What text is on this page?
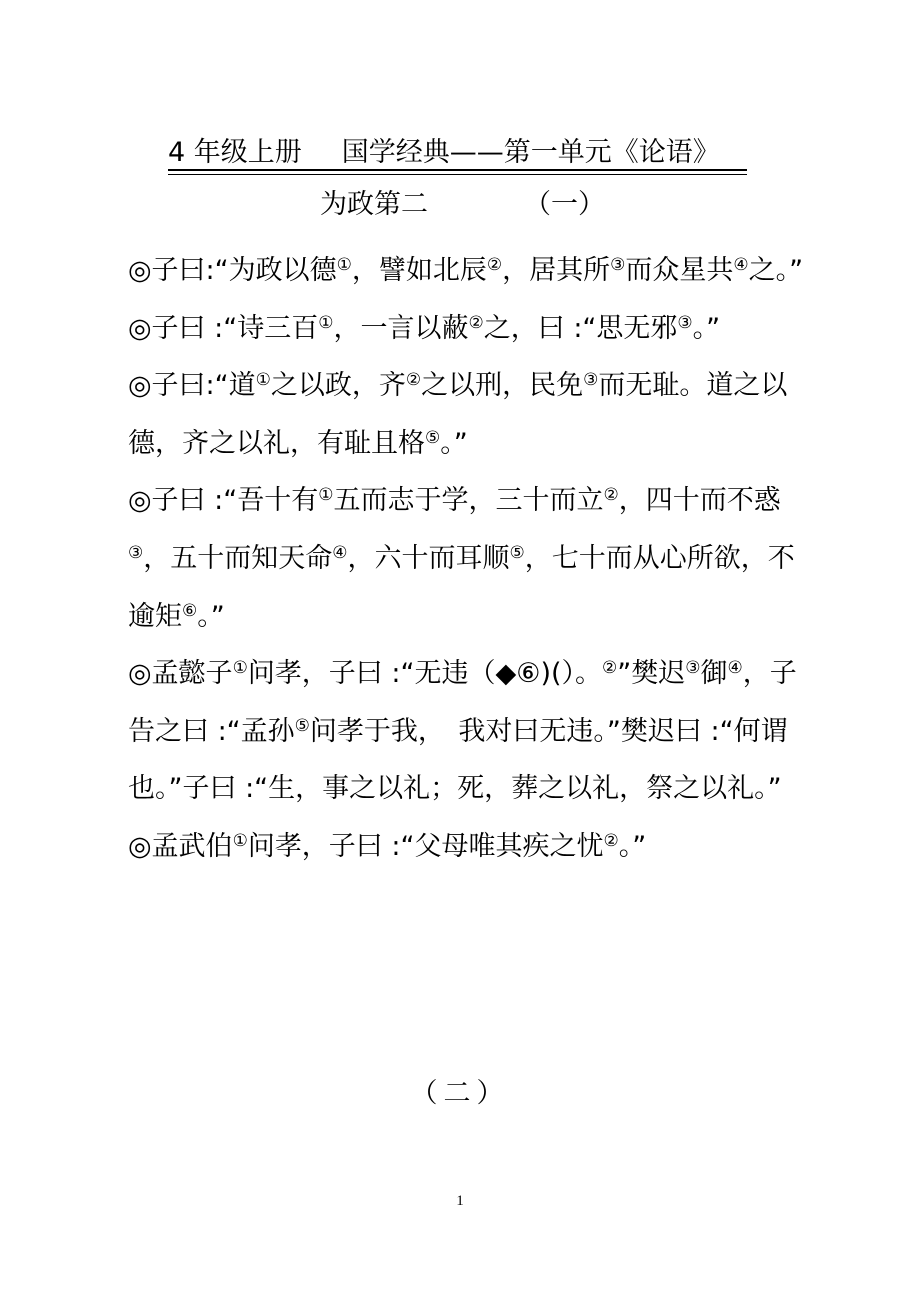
4 年级上册 国学经典——第一单元《论语》
为政第二	（一）

◎子曰:“为政以德①，譬如北辰②，居其所③而众星共④之。”

◎子曰 :“诗三百①，一言以蔽②之，曰 :“思无邪③。”

◎子曰:“道①之以政，齐②之以刑，民免③而无耻。道之以德，齐之以礼，有耻且格⑤。”

◎子曰 :“吾十有①五而志于学，三十而立②，四十而不惑③，五十而知天命④，六十而耳顺⑤，七十而从心所欲，不逾矩⑥。”

◎孟懿子①问孝，子曰 :“无违（◆⑥)(）。②”樊迟③御④，子告之曰 :“孟孙⑤问孝于我，　我对曰无违。”樊迟曰 :“何谓也。”子曰 :“生，事之以礼；死，葬之以礼，祭之以礼。”

◎孟武伯①问孝，子曰 :“父母唯其疾之忧②。”

（二）
1
